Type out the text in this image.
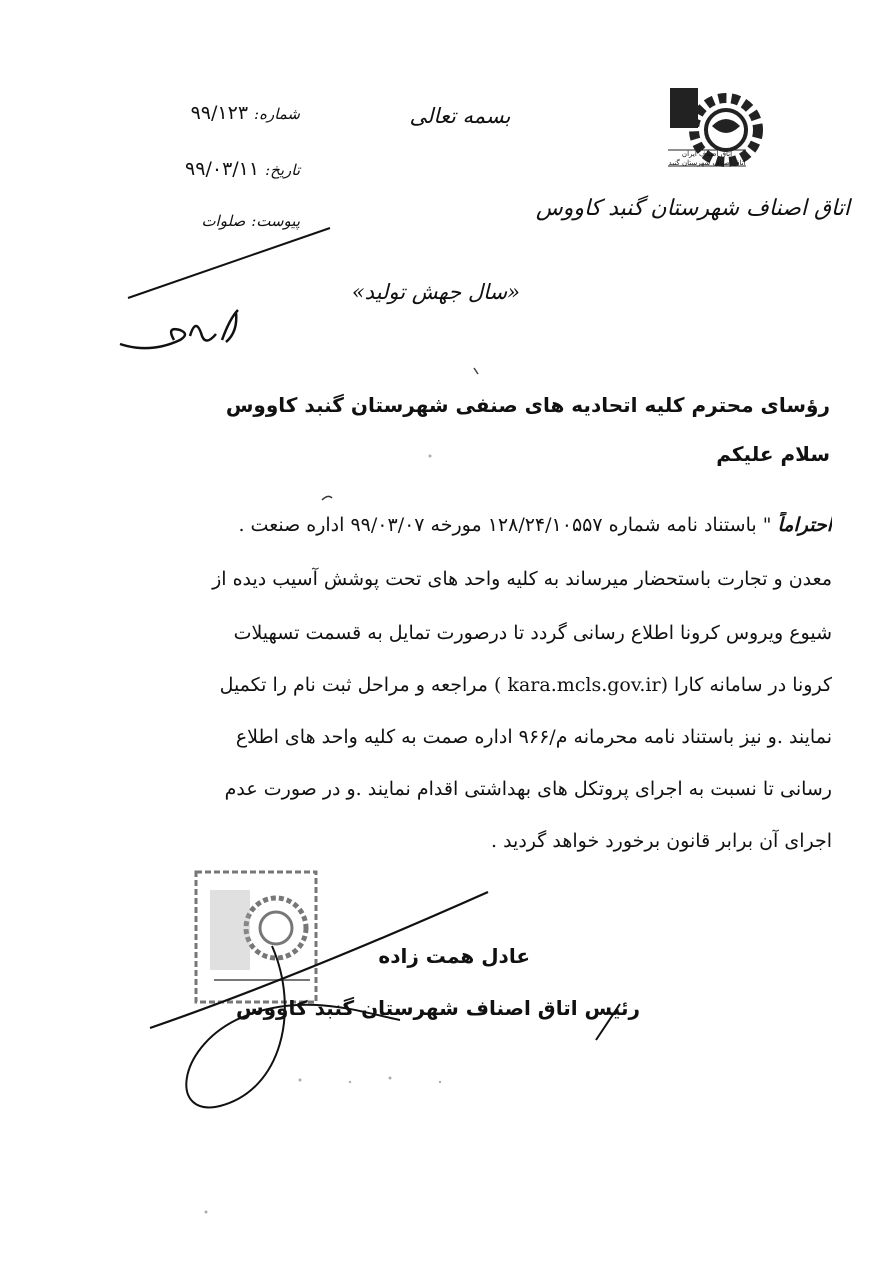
اتاق اصناف ایران
اتاق اصناف شهرستان گنبد
اتاق اصناف شهرستان گنبد کاووس
بسمه تعالی
شماره:
۹۹/۱۲۳
تاریخ:
۹۹/۰۳/۱۱
پیوست:
صلوات
«سال جهش تولید»
رؤسای محترم کلیه اتحادیه های صنفی شهرستان گنبد کاووس
سلام علیکم
احتراماً " باستناد نامه شماره ۱۲۸/۲۴/۱۰۵۵۷ مورخه ۹۹/۰۳/۰۷ اداره صنعت .
معدن و تجارت باستحضار میرساند به کلیه واحد های تحت پوشش آسیب دیده از
شیوع ویروس کرونا اطلاع رسانی گردد تا درصورت تمایل به قسمت تسهیلات
کرونا در سامانه کارا (kara.mcls.gov.ir ) مراجعه و مراحل ثبت نام را تکمیل
نمایند .و نیز باستناد نامه محرمانه م/۹۶۶ اداره صمت به کلیه واحد های اطلاع
رسانی تا نسبت به اجرای پروتکل های بهداشتی اقدام نمایند .و در صورت عدم
اجرای آن برابر قانون برخورد خواهد گردید .
عادل همت زاده
رئیس اتاق اصناف شهرستان گنبد کاووس
